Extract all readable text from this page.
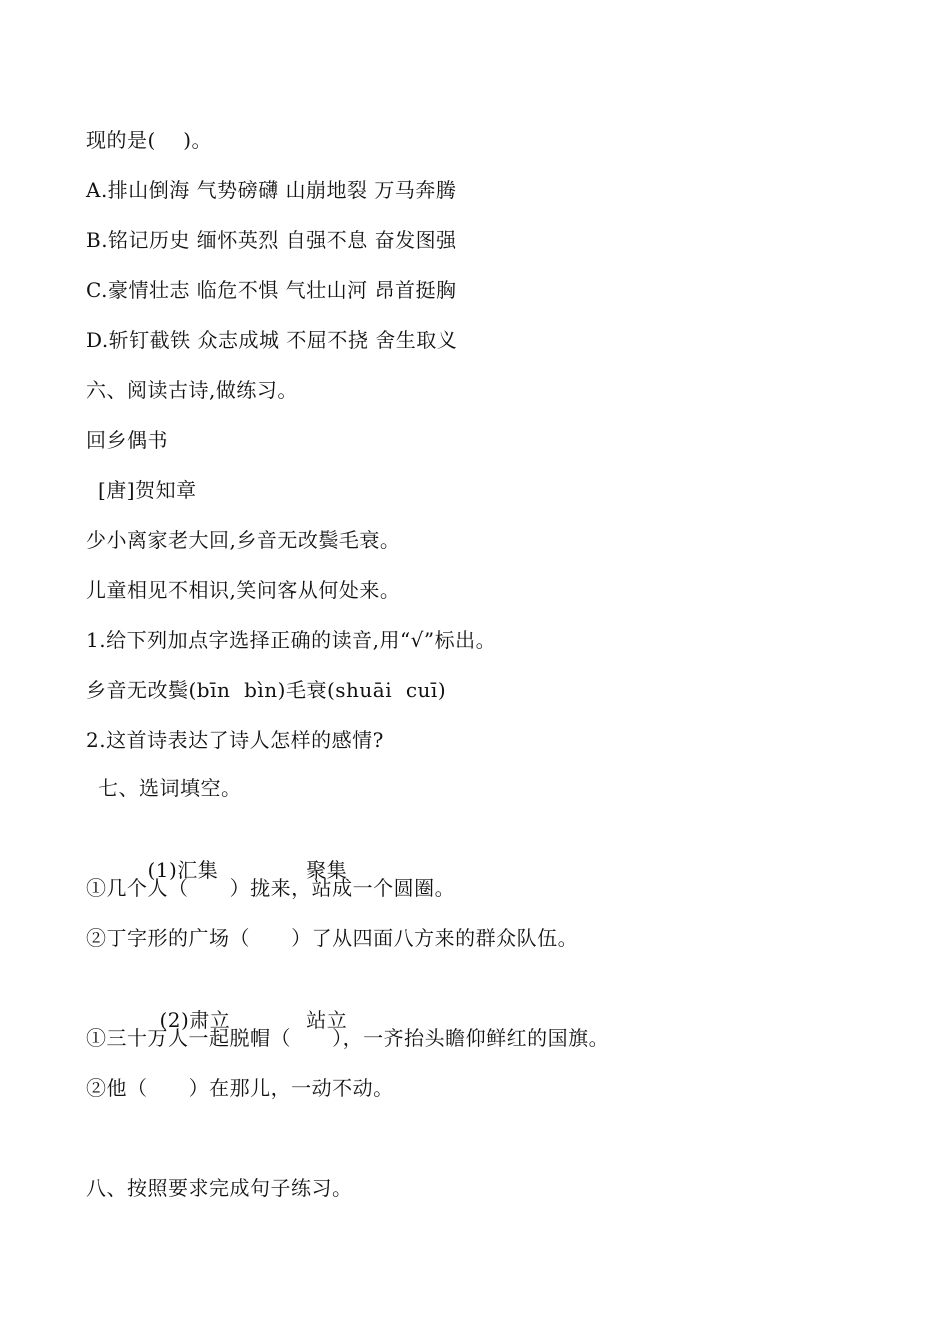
现的是(    )。
A.排山倒海 气势磅礴 山崩地裂 万马奔腾
B.铭记历史 缅怀英烈 自强不息 奋发图强
C.豪情壮志 临危不惧 气壮山河 昂首挺胸
D.斩钉截铁 众志成城 不屈不挠 舍生取义
六、阅读古诗,做练习。
回乡偶书
[唐]贺知章
少小离家老大回,乡音无改鬓毛衰。
儿童相见不相识,笑问客从何处来。
1.给下列加点字选择正确的读音,用“√”标出。
乡音无改鬓(bīn  bìn)毛衰(shuāi  cuī)
2.这首诗表达了诗人怎样的感情?
七、选词填空。

(1)汇集	聚集

①几个人（      ）拢来，站成一个圆圈。
②丁字形的广场（      ）了从四面八方来的群众队伍。

(2)肃立	站立

①三十万人一起脱帽（      ），一齐抬头瞻仰鲜红的国旗。
②他（      ）在那儿，一动不动。
八、按照要求完成句子练习。
